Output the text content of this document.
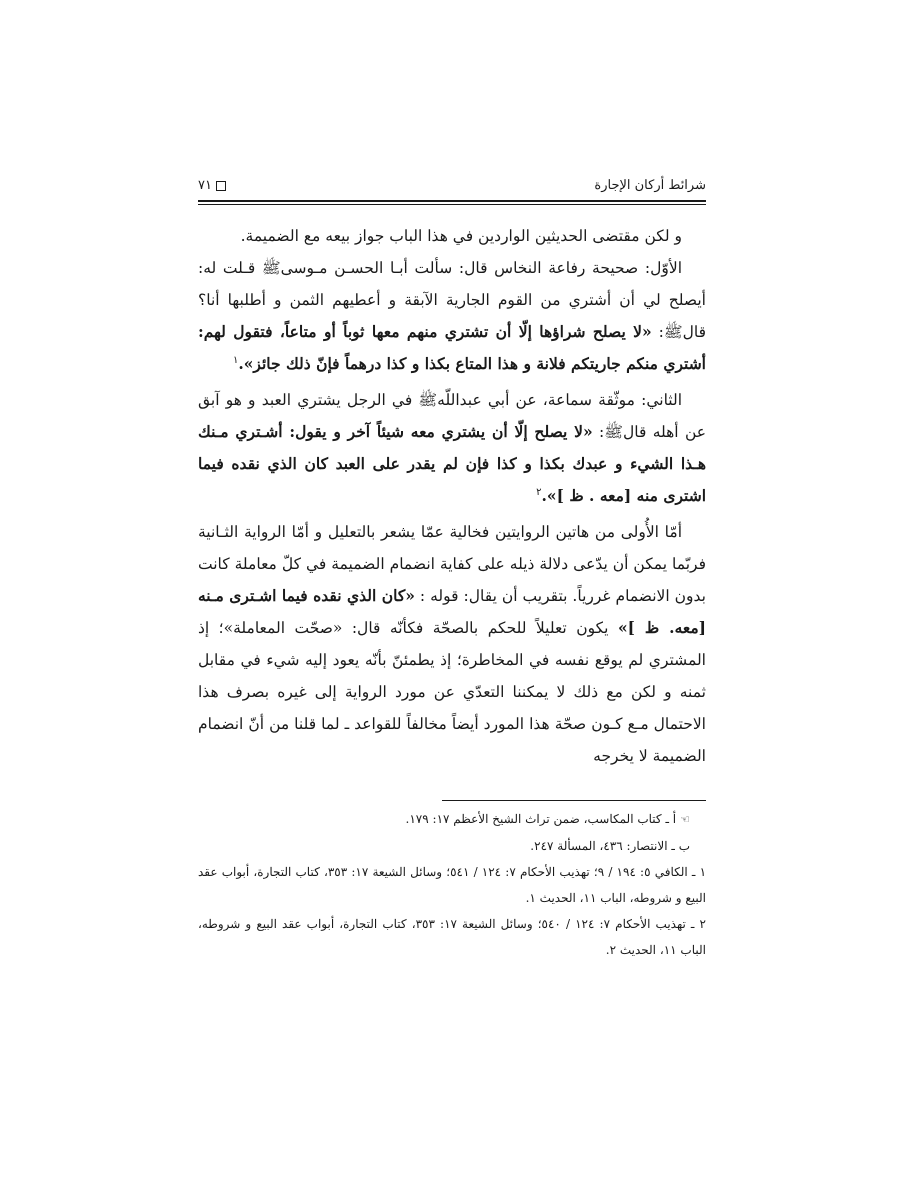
شرائط أركان الإجارة
٧١

و لكن مقتضى الحديثين الواردين في هذا الباب جواز بيعه مع الضميمة.

الأوّل: صحيحة رفاعة النخاس قال: سألت أبـا الحسـن مـوسىﷺ قـلت له: أيصلح لي أن أشتري من القوم الجارية الآبقة و أعطيهم الثمن و أطلبها أنا؟ قالﷺ: «لا يصلح شراؤها إلّا أن تشتري منهم معها ثوباً أو متاعاً، فتقول لهم: أشتري منكم جاريتكم فلانة و هذا المتاع بكذا و كذا درهماً فإنّ ذلك جائز».$^١$

الثاني: موثّقة سماعة، عن أبي عبداللّهﷺ في الرجل يشتري العبد و هو آبق عن أهله قالﷺ: «لا يصلح إلّا أن يشتري معه شيئاً آخر و يقول: أشـتري مـنك هـذا الشيء و عبدك بكذا و كذا فإن لم يقدر على العبد كان الذي نقده فيما اشترى منه [معه . ظ ]».$^٢$

أمّا الأُولى من هاتين الروايتين فخالية عمّا يشعر بالتعليل و أمّا الرواية الثـانية فربّما يمكن أن يدّعى دلالة ذيله على كفاية انضمام الضميمة في كلّ معاملة كانت بدون الانضمام غررياً. بتقريب أن يقال: قوله : «كان الذي نقده فيما اشـترى مـنه [معه. ظ ]» يكون تعليلاً للحكم بالصحّة فكأنّه قال: «صحّت المعاملة»؛ إذ المشتري لم يوقع نفسه في المخاطرة؛ إذ يطمئنّ بأنّه يعود إليه شيء في مقابل ثمنه و لكن مع ذلك لا يمكننا التعدّي عن مورد الرواية إلى غيره بصرف هذا الاحتمال مـع كـون صحّة هذا المورد أيضاً مخالفاً للقواعد ـ لما قلنا من أنّ انضمام الضميمة لا يخرجه

☜أ ـ كتاب المكاسب، ضمن تراث الشيخ الأعظم ١٧: ١٧٩.

ب ـ الانتصار: ٤٣٦، المسألة ٢٤٧.

١ ـ الكافي ٥: ١٩٤ / ٩؛ تهذيب الأحكام ٧: ١٢٤ / ٥٤١؛ وسائل الشيعة ١٧: ٣٥٣، كتاب التجارة، أبواب عقد البيع و شروطه، الباب ١١، الحديث ١.

٢ ـ تهذيب الأحكام ٧: ١٢٤ / ٥٤٠؛ وسائل الشيعة ١٧: ٣٥٣، كتاب التجارة، أبواب عقد البيع و شروطه، الباب ١١، الحديث ٢.
